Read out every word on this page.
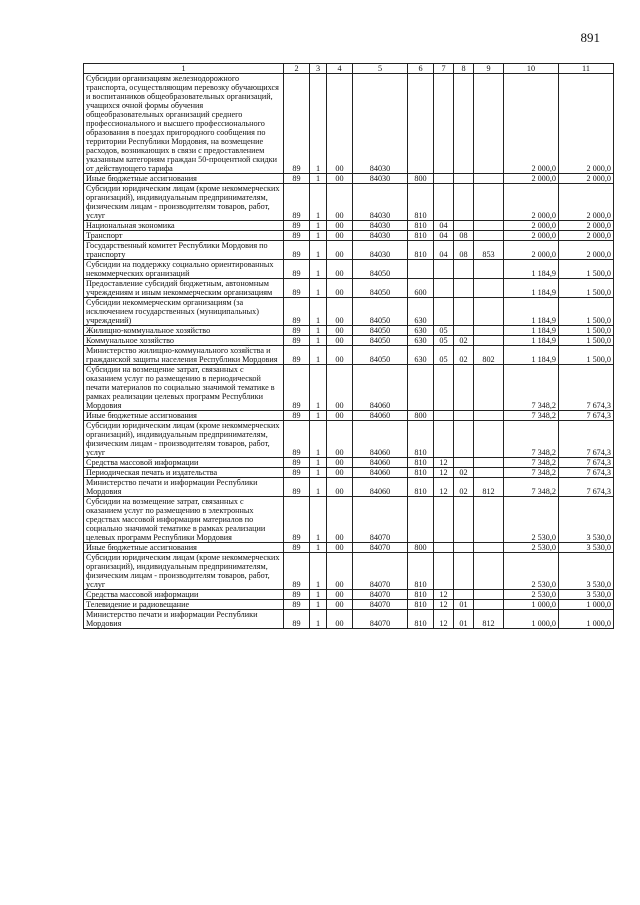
891
1	2	3	4	5	6	7	8	9	10	11
Субсидии организациям железнодорожного транспорта, осуществляющим перевозку обучающихся и воспитанников общеобразовательных организаций, учащихся очной формы обучения общеобразовательных организаций среднего профессионального и высшего профессионального образования в поездах пригородного сообщения по территории Республики Мордовия, на возмещение расходов, возникающих в связи с предоставлением указанным категориям граждан 50-процентной скидки от действующего тарифа	89	1	00	84030					2 000,0	2 000,0
Иные бюджетные ассигнования	89	1	00	84030	800				2 000,0	2 000,0
Субсидии юридическим лицам (кроме некоммерческих организаций), индивидуальным предпринимателям, физическим лицам - производителям товаров, работ, услуг	89	1	00	84030	810				2 000,0	2 000,0
Национальная экономика	89	1	00	84030	810	04			2 000,0	2 000,0
Транспорт	89	1	00	84030	810	04	08		2 000,0	2 000,0
Государственный комитет Республики Мордовия по транспорту	89	1	00	84030	810	04	08	853	2 000,0	2 000,0
Субсидии на поддержку социально ориентированных некоммерческих организаций	89	1	00	84050					1 184,9	1 500,0
Предоставление субсидий бюджетным, автономным учреждениям и иным некоммерческим организациям	89	1	00	84050	600				1 184,9	1 500,0
Субсидии некоммерческим организациям (за исключением государственных (муниципальных) учреждений)	89	1	00	84050	630				1 184,9	1 500,0
Жилищно-коммунальное хозяйство	89	1	00	84050	630	05			1 184,9	1 500,0
Коммунальное хозяйство	89	1	00	84050	630	05	02		1 184,9	1 500,0
Министерство жилищно-коммунального хозяйства и гражданской защиты населения Республики Мордовия	89	1	00	84050	630	05	02	802	1 184,9	1 500,0
Субсидии на возмещение затрат, связанных с оказанием услуг по размещению в периодической печати материалов по социально значимой тематике в рамках реализации целевых программ Республики Мордовия	89	1	00	84060					7 348,2	7 674,3
Иные бюджетные ассигнования	89	1	00	84060	800				7 348,2	7 674,3
Субсидии юридическим лицам (кроме некоммерческих организаций), индивидуальным предпринимателям, физическим лицам - производителям товаров, работ, услуг	89	1	00	84060	810				7 348,2	7 674,3
Средства массовой информации	89	1	00	84060	810	12			7 348,2	7 674,3
Периодическая печать и издательства	89	1	00	84060	810	12	02		7 348,2	7 674,3
Министерство печати и информации Республики Мордовия	89	1	00	84060	810	12	02	812	7 348,2	7 674,3
Субсидии на возмещение затрат, связанных с оказанием услуг по размещению в электронных средствах массовой информации материалов по социально значимой тематике в рамках реализации целевых программ Республики Мордовия	89	1	00	84070					2 530,0	3 530,0
Иные бюджетные ассигнования	89	1	00	84070	800				2 530,0	3 530,0
Субсидии юридическим лицам (кроме некоммерческих организаций), индивидуальным предпринимателям, физическим лицам - производителям товаров, работ, услуг	89	1	00	84070	810				2 530,0	3 530,0
Средства массовой информации	89	1	00	84070	810	12			2 530,0	3 530,0
Телевидение и радиовещание	89	1	00	84070	810	12	01		1 000,0	1 000,0
Министерство печати и информации Республики Мордовия	89	1	00	84070	810	12	01	812	1 000,0	1 000,0
